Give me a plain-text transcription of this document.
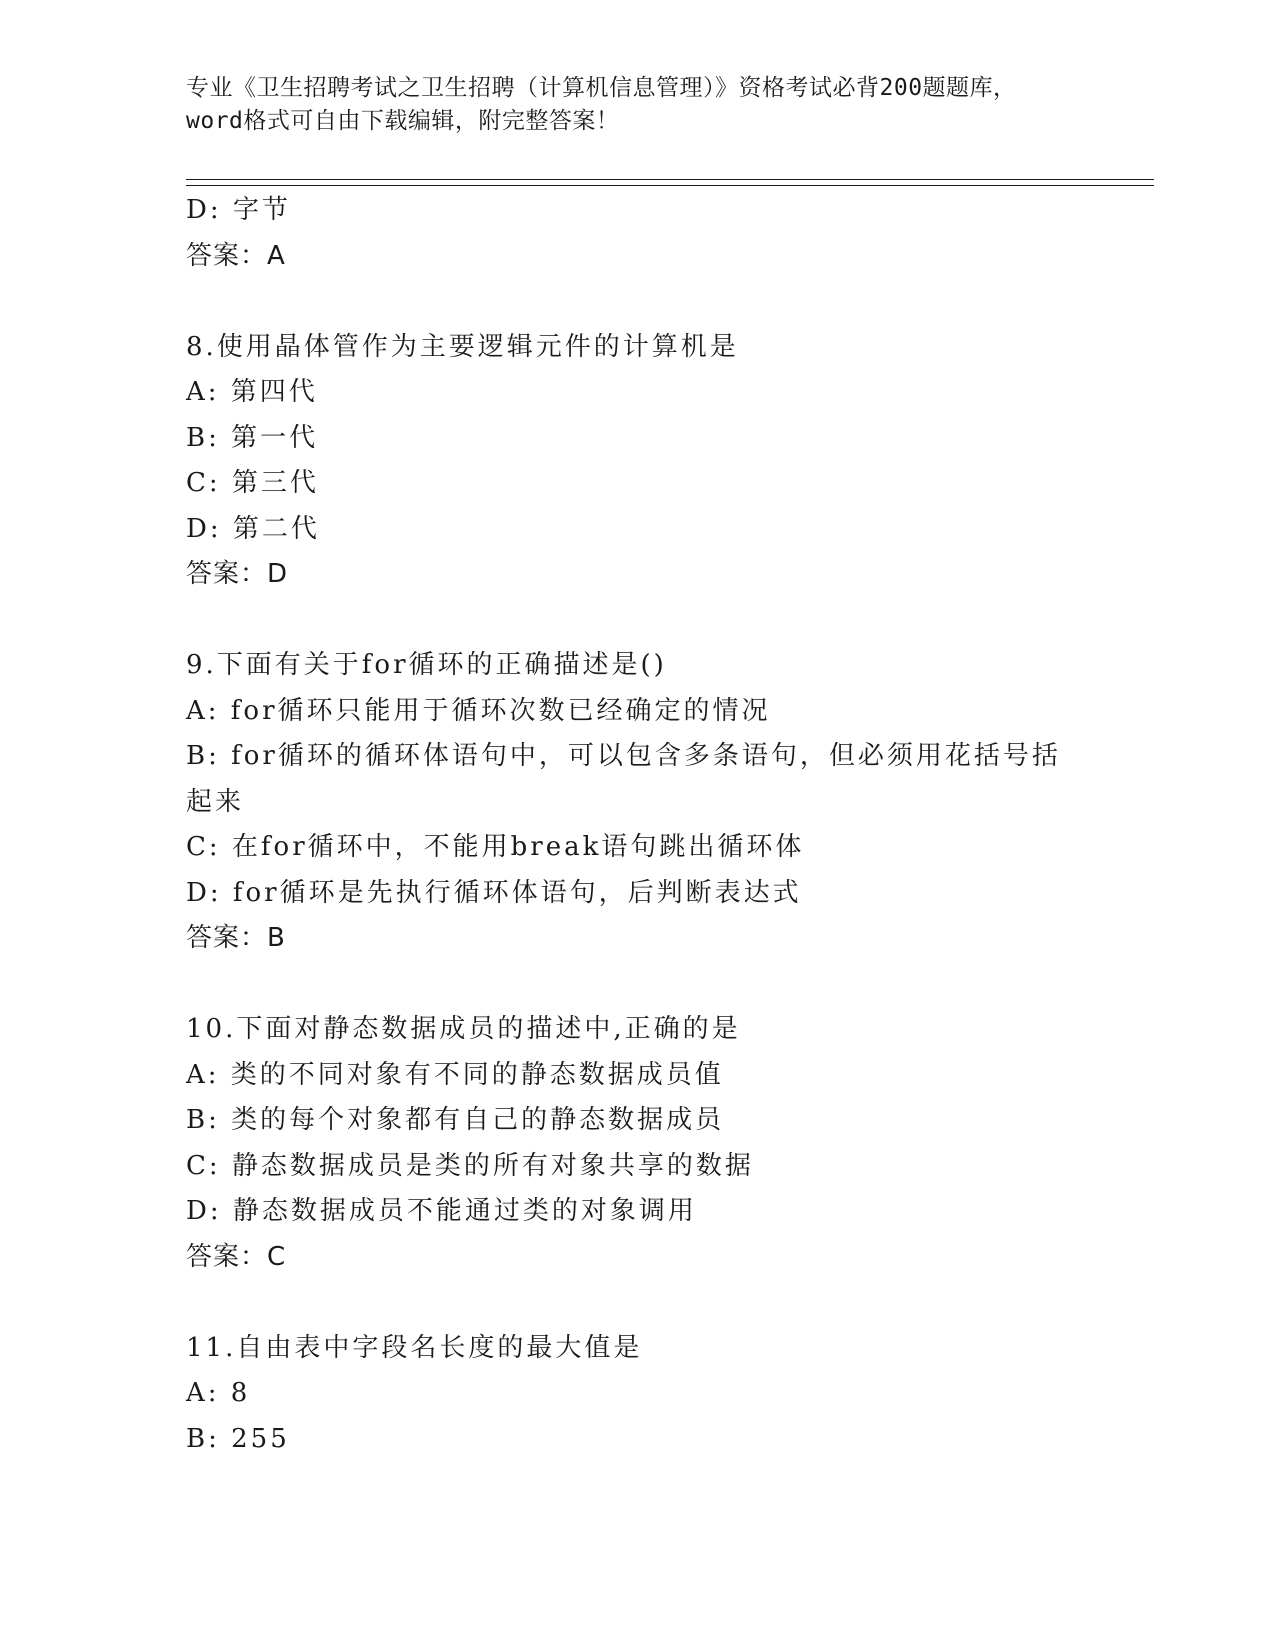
专业《卫生招聘考试之卫生招聘（计算机信息管理）》资格考试必背200题题库，
word格式可自由下载编辑，附完整答案！
D: 字节
答案：A
8.使用晶体管作为主要逻辑元件的计算机是
A: 第四代
B: 第一代
C: 第三代
D: 第二代
答案：D
9.下面有关于for循环的正确描述是()
A: for循环只能用于循环次数已经确定的情况
B: for循环的循环体语句中，可以包含多条语句，但必须用花括号括起来
C: 在for循环中，不能用break语句跳出循环体
D: for循环是先执行循环体语句，后判断表达式
答案：B
10.下面对静态数据成员的描述中,正确的是
A: 类的不同对象有不同的静态数据成员值
B: 类的每个对象都有自己的静态数据成员
C: 静态数据成员是类的所有对象共享的数据
D: 静态数据成员不能通过类的对象调用
答案：C
11.自由表中字段名长度的最大值是
A: 8
B: 255
